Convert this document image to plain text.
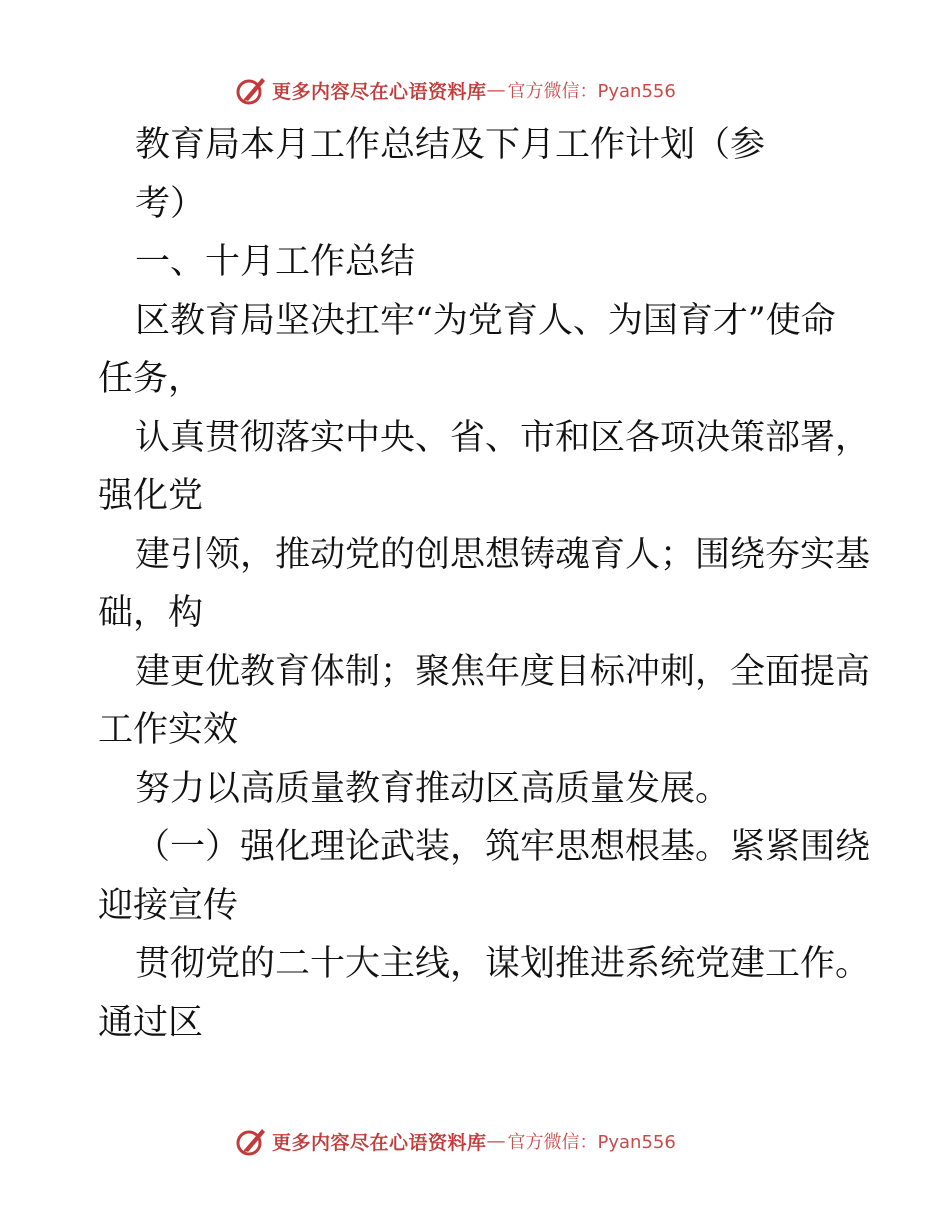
更多内容尽在心语资料库 — 官方微信：Pyan556
教育局本月工作总结及下月工作计划（参
考）
一、十月工作总结
区教育局坚决扛牢“为党育人、为国育才”使命
任务，
认真贯彻落实中央、省、市和区各项决策部署，
强化党
建引领，推动党的创思想铸魂育人；围绕夯实基
础，构
建更优教育体制；聚焦年度目标冲刺，全面提高
工作实效
努力以高质量教育推动区高质量发展。
（一）强化理论武装，筑牢思想根基。紧紧围绕
迎接宣传
贯彻党的二十大主线，谋划推进系统党建工作。
通过区
更多内容尽在心语资料库 — 官方微信：Pyan556
